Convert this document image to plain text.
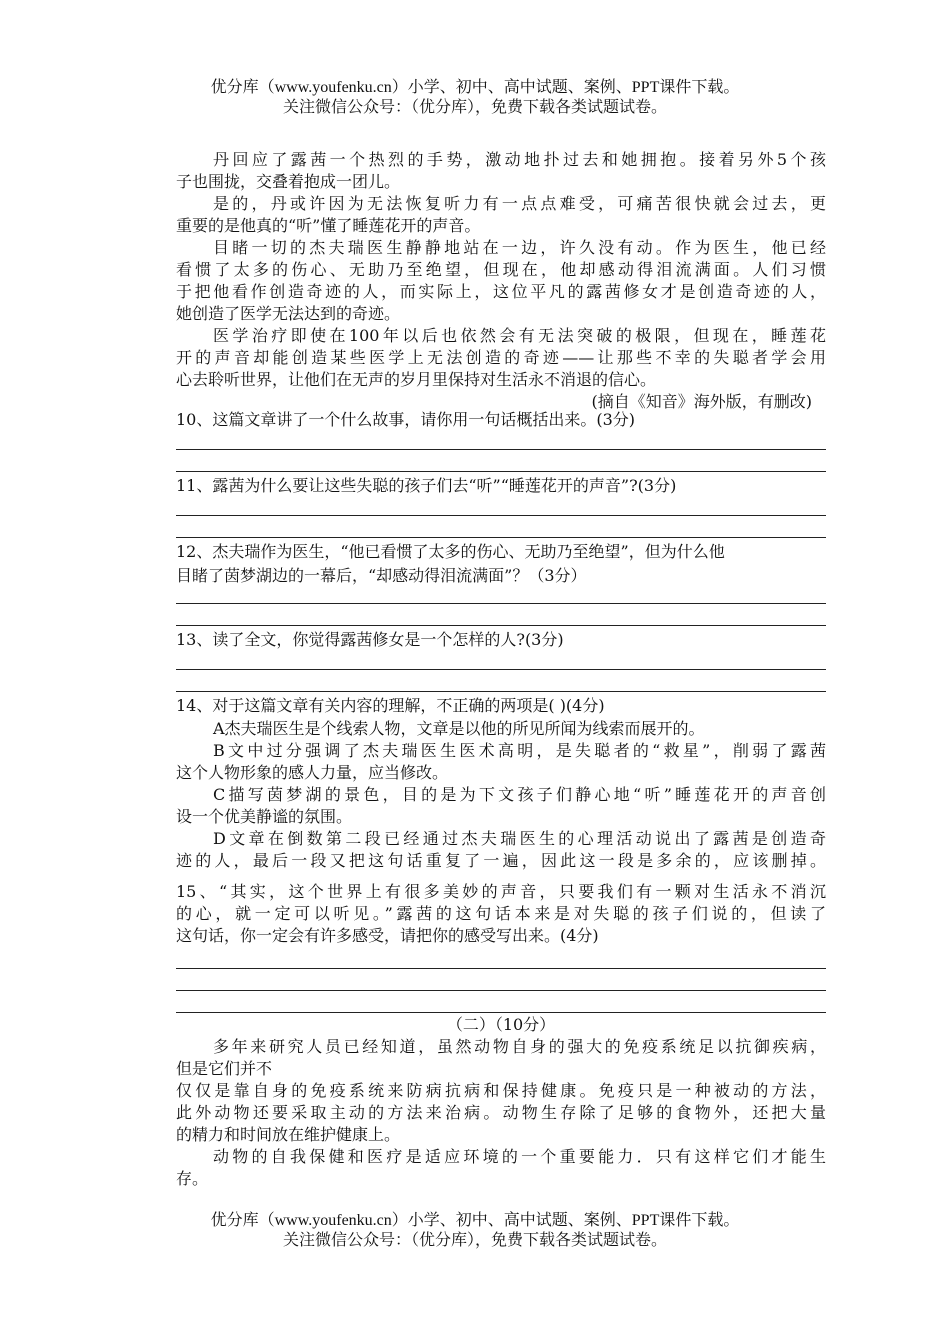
优分库（www.youfenku.cn）小学、初中、高中试题、案例、PPT课件下载。
关注微信公众号：（优分库），免费下载各类试题试卷。

丹回应了露茜一个热烈的手势，激动地扑过去和她拥抱。接着另外5个孩

子也围拢，交叠着抱成一团儿。

是的，丹或许因为无法恢复听力有一点点难受，可痛苦很快就会过去，更

重要的是他真的“听”懂了睡莲花开的声音。

目睹一切的杰夫瑞医生静静地站在一边，许久没有动。作为医生，他已经

看惯了太多的伤心、无助乃至绝望，但现在，他却感动得泪流满面。人们习惯

于把他看作创造奇迹的人，而实际上，这位平凡的露茜修女才是创造奇迹的人，

她创造了医学无法达到的奇迹。

医学治疗即使在100年以后也依然会有无法突破的极限，但现在，睡莲花

开的声音却能创造某些医学上无法创造的奇迹——让那些不幸的失聪者学会用

心去聆听世界，让他们在无声的岁月里保持对生活永不消退的信心。

(摘自《知音》海外版，有删改)

10、这篇文章讲了一个什么故事，请你用一句话概括出来。(3分)

11、露茜为什么要让这些失聪的孩子们去“听”“睡莲花开的声音”?(3分)

12、杰夫瑞作为医生，“他已看惯了太多的伤心、无助乃至绝望”，但为什么他

目睹了茵梦湖边的一幕后，“却感动得泪流满面”？（3分）

13、读了全文，你觉得露茜修女是一个怎样的人?(3分)

14、对于这篇文章有关内容的理解，不正确的两项是( )(4分)

A杰夫瑞医生是个线索人物，文章是以他的所见所闻为线索而展开的。

B文中过分强调了杰夫瑞医生医术高明，是失聪者的“救星”，削弱了露茜

这个人物形象的感人力量，应当修改。

C描写茵梦湖的景色，目的是为下文孩子们静心地“听”睡莲花开的声音创

设一个优美静谧的氛围。

D文章在倒数第二段已经通过杰夫瑞医生的心理活动说出了露茜是创造奇

迹的人，最后一段又把这句话重复了一遍，因此这一段是多余的，应该删掉。

15、“其实，这个世界上有很多美妙的声音，只要我们有一颗对生活永不消沉

的心，就一定可以听见。”露茜的这句话本来是对失聪的孩子们说的，但读了

这句话，你一定会有许多感受，请把你的感受写出来。(4分)

（二）（10分）

多年来研究人员已经知道，虽然动物自身的强大的免疫系统足以抗御疾病，

但是它们并不

仅仅是靠自身的免疫系统来防病抗病和保持健康。免疫只是一种被动的方法，

此外动物还要采取主动的方法来治病。动物生存除了足够的食物外，还把大量

的精力和时间放在维护健康上。

动物的自我保健和医疗是适应环境的一个重要能力．只有这样它们才能生

存。

优分库（www.youfenku.cn）小学、初中、高中试题、案例、PPT课件下载。
关注微信公众号：（优分库），免费下载各类试题试卷。
